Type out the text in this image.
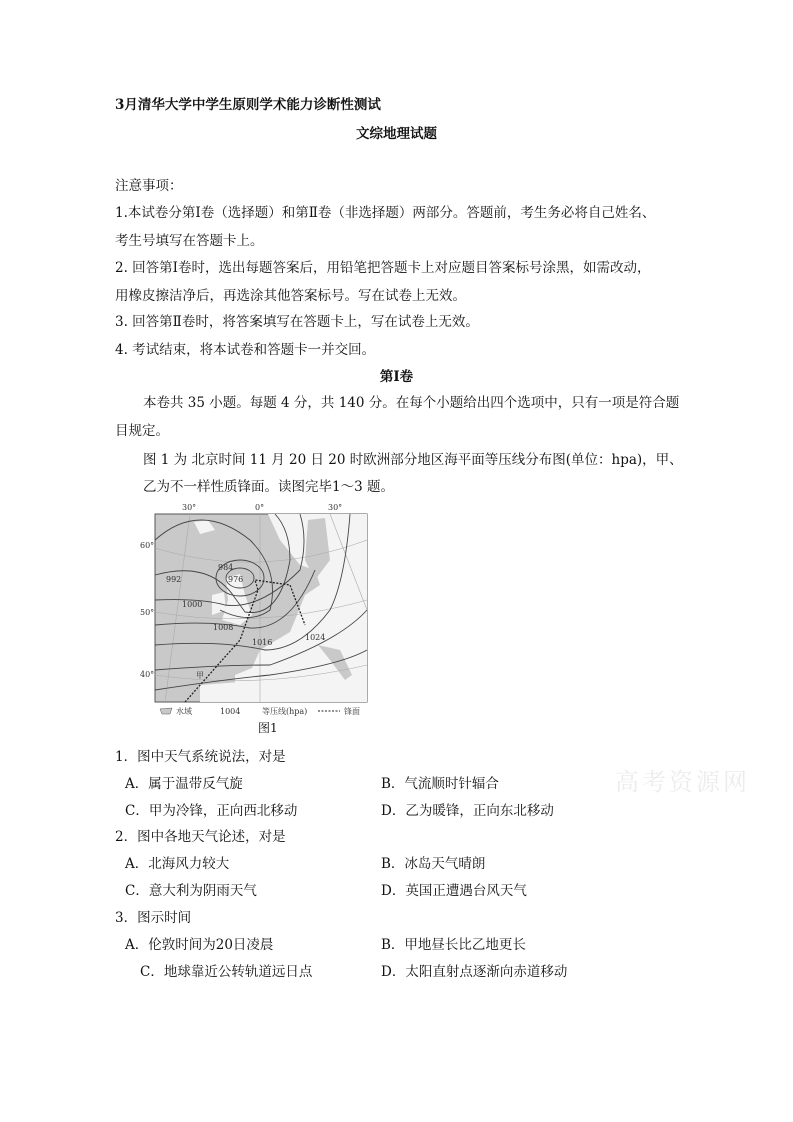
3月清华大学中学生原则学术能力诊断性测试
文综地理试题
注意事项：
1.本试卷分第Ⅰ卷（选择题）和第Ⅱ卷（非选择题）两部分。答题前，考生务必将自己姓名、
考生号填写在答题卡上。
2. 回答第Ⅰ卷时，选出每题答案后，用铅笔把答题卡上对应题目答案标号涂黑，如需改动，
用橡皮擦洁净后，再选涂其他答案标号。写在试卷上无效。
3. 回答第Ⅱ卷时，将答案填写在答题卡上，写在试卷上无效。
4. 考试结束，将本试卷和答题卡一并交回。
第Ⅰ卷
本卷共 35 小题。每题 4 分，共 140 分。在每个小题给出四个选项中，只有一项是符合题
目规定。
图 1 为 北京时间 11 月 20 日 20 时欧洲部分地区海平面等压线分布图(单位：hpa)，甲、
乙为不一样性质锋面。读图完毕1～3 题。
30°	0°	30°
60°
50°
40°
992
984
976
1000
1008
1016
1024
甲
水域	1004	等压线(hpa)	锋面
图1
1．图中天气系统说法，对是
A．属于温带反气旋	B．气流顺时针辐合
C．甲为冷锋，正向西北移动	D．乙为暖锋，正向东北移动
2．图中各地天气论述，对是
A．北海风力较大	B．冰岛天气晴朗
C．意大利为阴雨天气	D．英国正遭遇台风天气
3．图示时间
A．伦敦时间为20日凌晨	B．甲地昼长比乙地更长
C．地球靠近公转轨道远日点	D．太阳直射点逐渐向赤道移动
高考资源网
